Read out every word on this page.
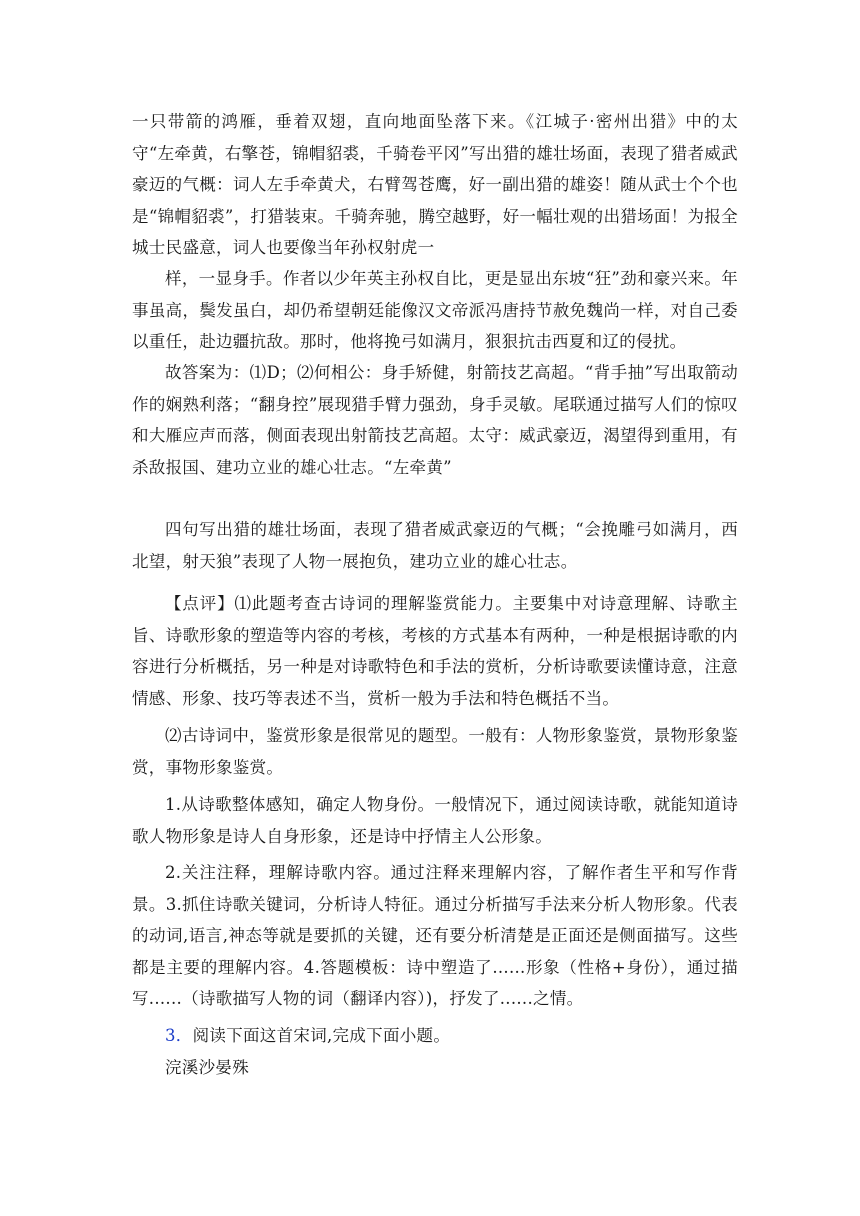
一只带箭的鸿雁，垂着双翅，直向地面坠落下来。《江城子·密州出猎》中的太守“左牵黄，右擎苍，锦帽貂裘，千骑卷平冈”写出猎的雄壮场面，表现了猎者威武豪迈的气概：词人左手牵黄犬，右臂驾苍鹰，好一副出猎的雄姿！随从武士个个也是“锦帽貂裘”，打猎装束。千骑奔驰，腾空越野，好一幅壮观的出猎场面！为报全城士民盛意，词人也要像当年孙权射虎一

样，一显身手。作者以少年英主孙权自比，更是显出东坡“狂”劲和豪兴来。年事虽高，鬓发虽白，却仍希望朝廷能像汉文帝派冯唐持节赦免魏尚一样，对自己委以重任，赴边疆抗敌。那时，他将挽弓如满月，狠狠抗击西夏和辽的侵扰。

故答案为：⑴D；⑵何相公：身手矫健，射箭技艺高超。“背手抽”写出取箭动作的娴熟利落；“翻身控”展现猎手臂力强劲，身手灵敏。尾联通过描写人们的惊叹和大雁应声而落，侧面表现出射箭技艺高超。太守：威武豪迈，渴望得到重用，有杀敌报国、建功立业的雄心壮志。“左牵黄”

四句写出猎的雄壮场面，表现了猎者威武豪迈的气概；“会挽雕弓如满月，西北望，射天狼”表现了人物一展抱负，建功立业的雄心壮志。

【点评】⑴此题考查古诗词的理解鉴赏能力。主要集中对诗意理解、诗歌主旨、诗歌形象的塑造等内容的考核，考核的方式基本有两种，一种是根据诗歌的内容进行分析概括，另一种是对诗歌特色和手法的赏析，分析诗歌要读懂诗意，注意情感、形象、技巧等表述不当，赏析一般为手法和特色概括不当。

⑵古诗词中，鉴赏形象是很常见的题型。一般有：人物形象鉴赏，景物形象鉴赏，事物形象鉴赏。

1.从诗歌整体感知，确定人物身份。一般情况下，通过阅读诗歌，就能知道诗歌人物形象是诗人自身形象，还是诗中抒情主人公形象。

2.关注注释，理解诗歌内容。通过注释来理解内容，了解作者生平和写作背景。3.抓住诗歌关键词，分析诗人特征。通过分析描写手法来分析人物形象。代表的动词,语言,神态等就是要抓的关键，还有要分析清楚是正面还是侧面描写。这些都是主要的理解内容。4.答题模板：诗中塑造了......形象（性格+身份），通过描写......（诗歌描写人物的词（翻译内容）)，抒发了......之情。

3．阅读下面这首宋词,完成下面小题。

浣溪沙晏殊
